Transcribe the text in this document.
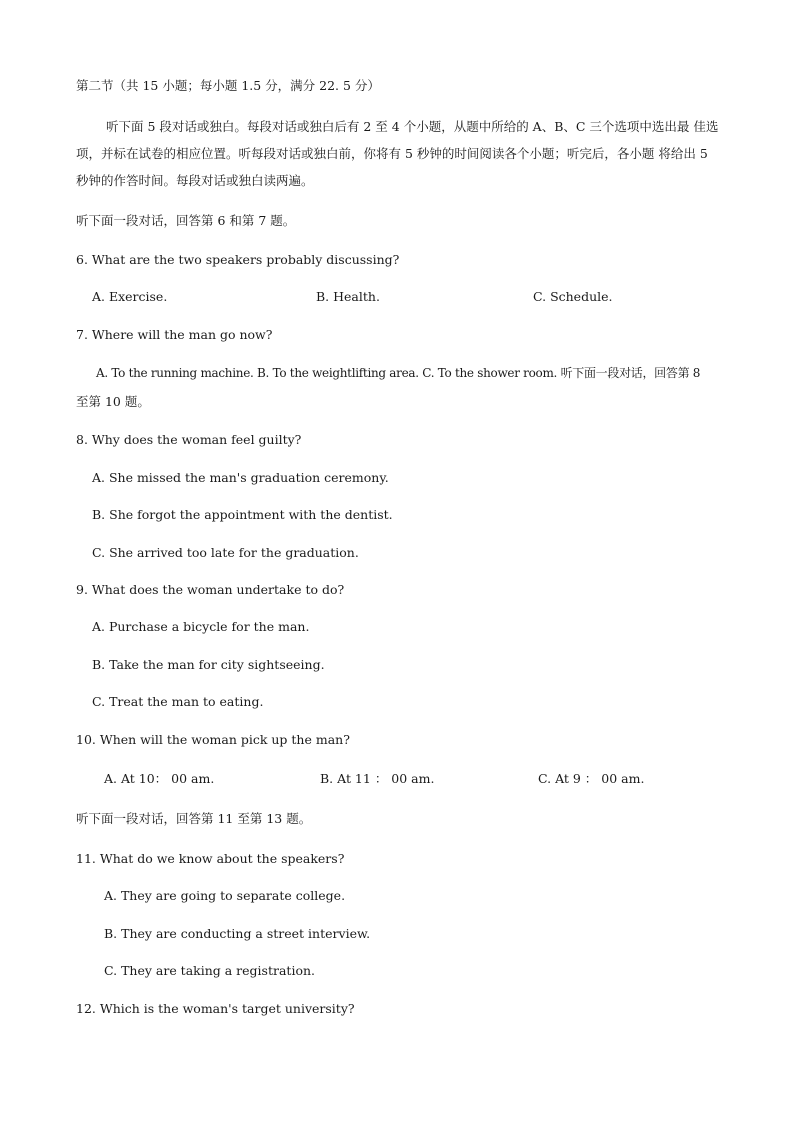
第二节（共 15 小题；每小题 1.5 分，满分 22. 5 分）
听下面 5 段对话或独白。每段对话或独白后有 2 至 4 个小题，从题中所给的 A、B、C 三个选项中选出最 佳选项，并标在试卷的相应位置。听每段对话或独白前，你将有 5 秒钟的时间阅读各个小题；听完后，各小题 将给出 5 秒钟的作答时间。每段对话或独白读两遍。
听下面一段对话，回答第 6 和第 7 题。
6. What are the two speakers probably discussing?
A. Exercise.	B. Health.	C. Schedule.
7. Where will the man go now?
A. To the running machine. B. To the weightlifting area. C. To the shower room. 听下面一段对话，回答第 8
至第 10 题。
8. Why does the woman feel guilty?
A. She missed the man's graduation ceremony.
B. She forgot the appointment with the dentist.
C. She arrived too late for the graduation.
9. What does the woman undertake to do?
A. Purchase a bicycle for the man.
B. Take the man for city sightseeing.
C. Treat the man to eating.
10. When will the woman pick up the man?
A. At 10： 00 am.	B. At 11 ： 00 am.	C. At 9 ： 00 am.
听下面一段对话，回答第 11 至第 13 题。
11. What do we know about the speakers?
A. They are going to separate college.
B. They are conducting a street interview.
C. They are taking a registration.
12. Which is the woman's target university?
